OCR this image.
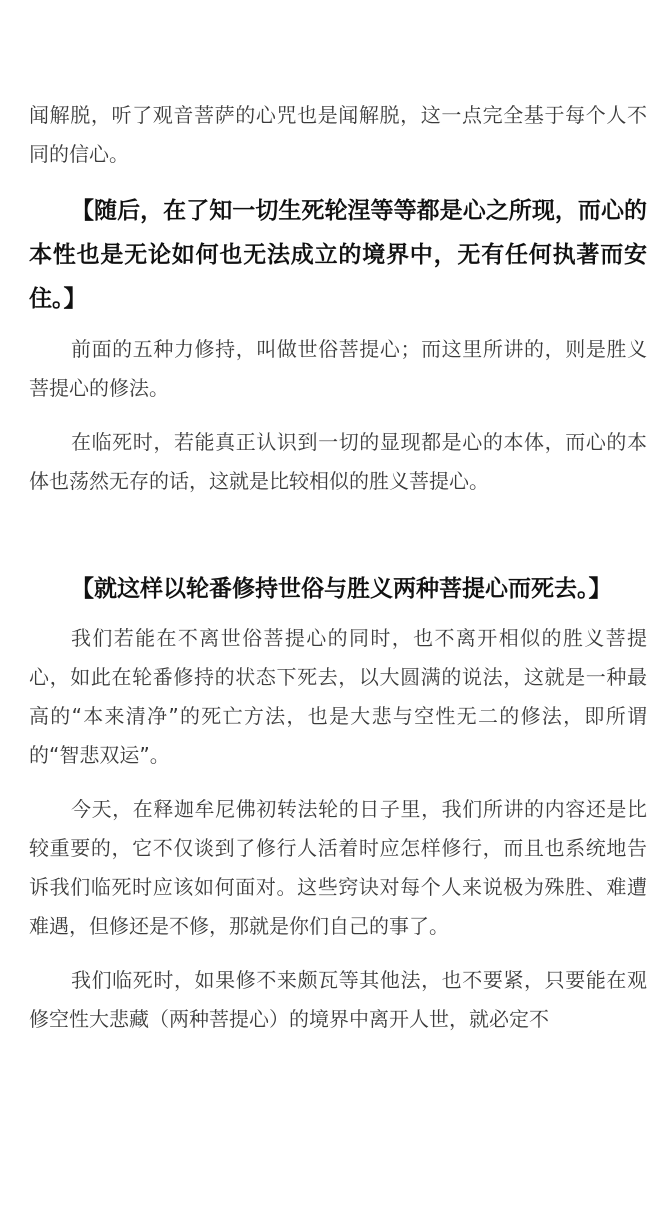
闻解脱，听了观音菩萨的心咒也是闻解脱，这一点完全基于每个人不同的信心。

【随后，在了知一切生死轮涅等等都是心之所现，而心的本性也是无论如何也无法成立的境界中，无有任何执著而安住。】

前面的五种力修持，叫做世俗菩提心；而这里所讲的，则是胜义菩提心的修法。

在临死时，若能真正认识到一切的显现都是心的本体，而心的本体也荡然无存的话，这就是比较相似的胜义菩提心。

【就这样以轮番修持世俗与胜义两种菩提心而死去。】

我们若能在不离世俗菩提心的同时，也不离开相似的胜义菩提心，如此在轮番修持的状态下死去，以大圆满的说法，这就是一种最高的“本来清净”的死亡方法，也是大悲与空性无二的修法，即所谓的“智悲双运”。

今天，在释迦牟尼佛初转法轮的日子里，我们所讲的内容还是比较重要的，它不仅谈到了修行人活着时应怎样修行，而且也系统地告诉我们临死时应该如何面对。这些窍诀对每个人来说极为殊胜、难遭难遇，但修还是不修，那就是你们自己的事了。

我们临死时，如果修不来颇瓦等其他法，也不要紧，只要能在观修空性大悲藏（两种菩提心）的境界中离开人世，就必定不
